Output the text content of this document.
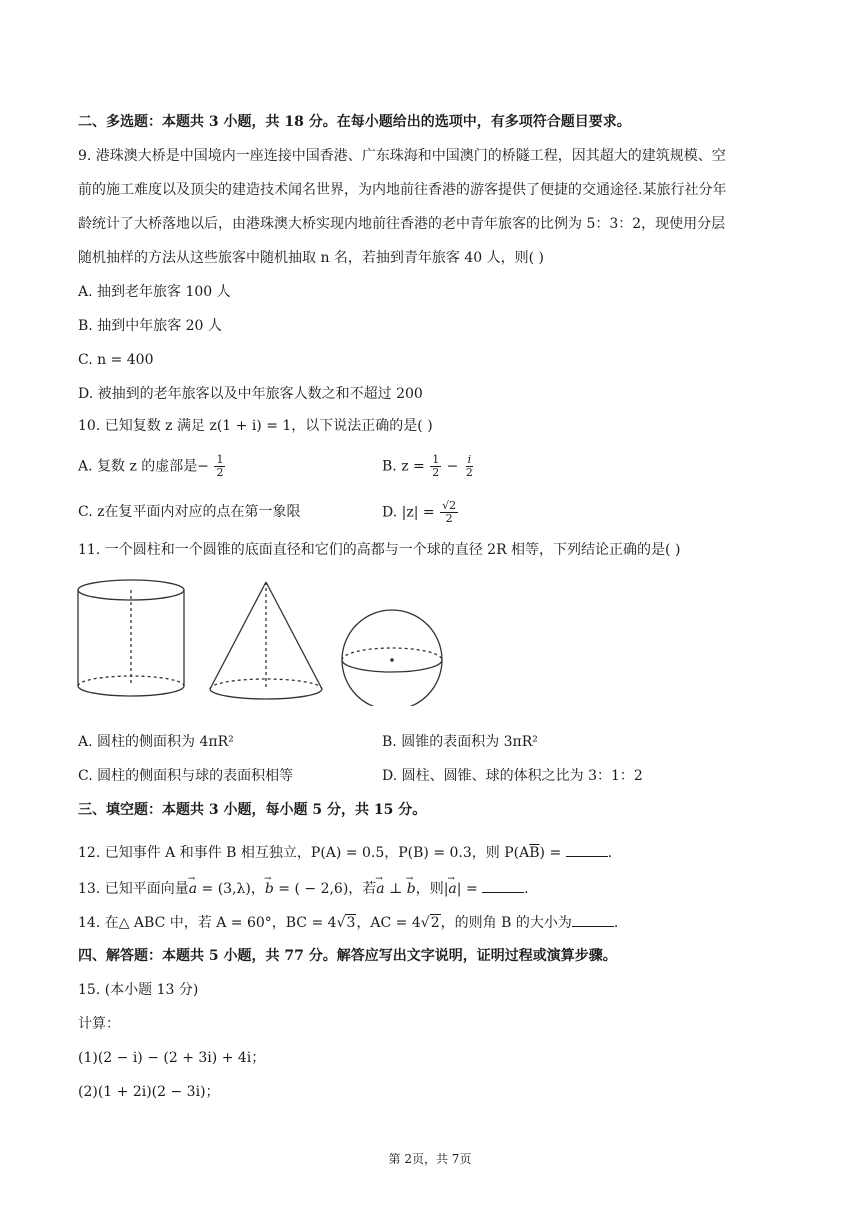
二、多选题：本题共 3 小题，共 18 分。在每小题给出的选项中，有多项符合题目要求。
9. 港珠澳大桥是中国境内一座连接中国香港、广东珠海和中国澳门的桥隧工程，因其超大的建筑规模、空
前的施工难度以及顶尖的建造技术闻名世界，为内地前往香港的游客提供了便捷的交通途径.某旅行社分年
龄统计了大桥落地以后，由港珠澳大桥实现内地前往香港的老中青年旅客的比例为 5：3：2，现使用分层
随机抽样的方法从这些旅客中随机抽取 n 名，若抽到青年旅客 40 人，则( )
A. 抽到老年旅客 100 人
B. 抽到中年旅客 20 人
C. n = 400
D. 被抽到的老年旅客以及中年旅客人数之和不超过 200
10. 已知复数 z 满足 z(1 + i) = 1，以下说法正确的是( )
A. 复数 z 的虚部是− $\frac{1}{2}$	B. $z = \frac{1}{2} - \frac{i}{2}$
C. z在复平面内对应的点在第一象限	D. $|z| = \frac{√2}{2}$
11. 一个圆柱和一个圆锥的底面直径和它们的高都与一个球的直径 2R 相等，下列结论正确的是( )
A. 圆柱的侧面积为 4πR²	B. 圆锥的表面积为 3πR²
C. 圆柱的侧面积与球的表面积相等	D. 圆柱、圆锥、球的体积之比为 3：1：2
三、填空题：本题共 3 小题，每小题 5 分，共 15 分。
12. 已知事件 A 和事件 B 相互独立，P(A) = 0.5，P(B) = 0.3，则 $P(A\overline{B})$ =	.
13. 已知平面向量→ a = (3,λ)，→ b = ( − 2,6)，若→ a ⊥ → b，则|→ a| =	.
14. 在△ ABC 中，若 A = 60°，BC = 4√3，AC = 4√2，的则角 B 的大小为	.
四、解答题：本题共 5 小题，共 77 分。解答应写出文字说明，证明过程或演算步骤。
15. (本小题 13 分)
计算：
(1)(2 − i) − (2 + 3i) + 4i；
(2)(1 + 2i)(2 − 3i)；
第 2页，共 7页
